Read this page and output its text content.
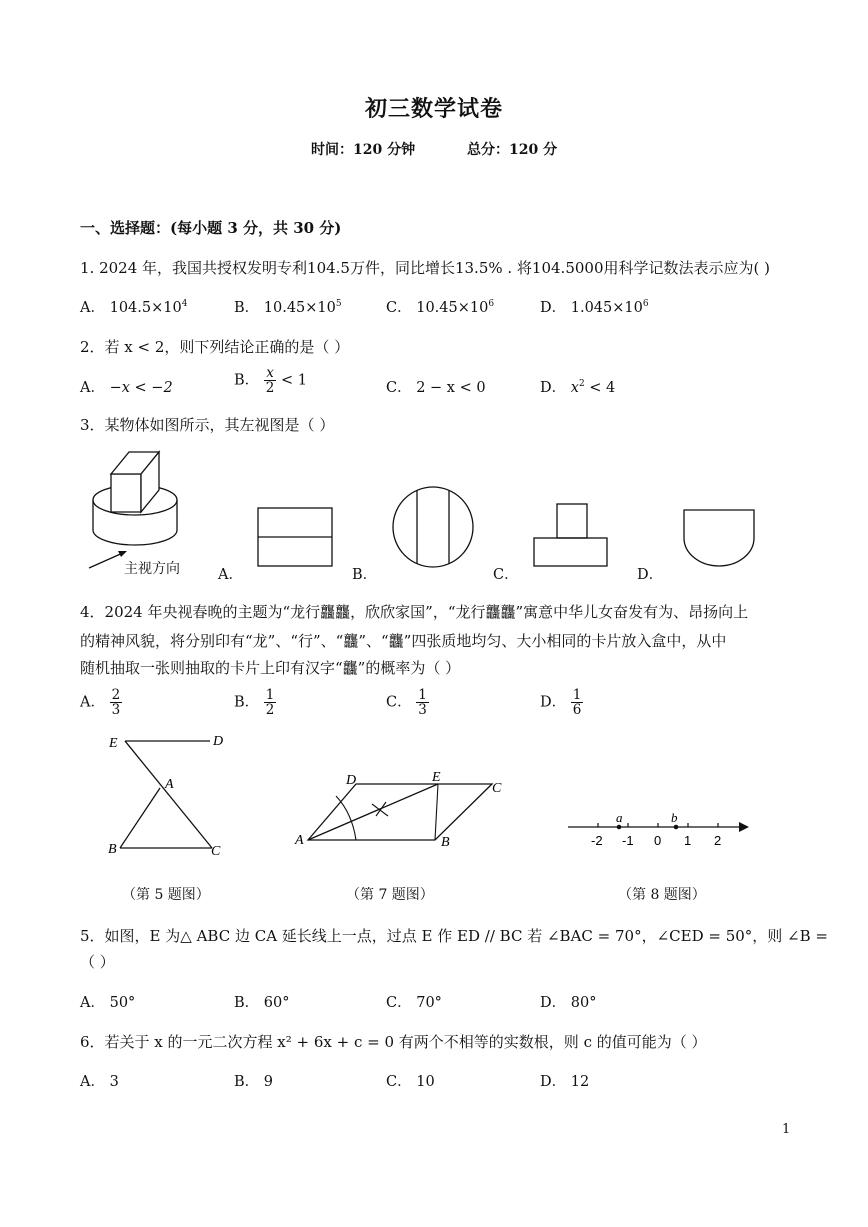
初三数学试卷
时间：120 分钟	总分：120 分
一、选择题：(每小题 3 分，共 30 分)
1. 2024 年，我国共授权发明专利104.5万件，同比增长13.5% . 将104.5000用科学记数法表示应为( )
A． $104.5\times 10^4$	B． $10.45\times 10^5$	C． $10.45\times 10^6$	D． $1.045\times 10^6$
2．若 x < 2，则下列结论正确的是（ ）
A． −x < −2	B． $\frac{x}{2} < 1$	C． 2 − x < 0	D． $x^2 < 4$
3．某物体如图所示，其左视图是（ ）
主视方向	A．	B．	C．	D．
4．2024 年央视春晚的主题为“龙行龘龘，欣欣家国”，“龙行龘龘”寓意中华儿女奋发有为、昂扬向上
的精神风貌，将分别印有“龙”、“行”、“龘”、“龘”四张质地均匀、大小相同的卡片放入盒中，从中
随机抽取一张则抽取的卡片上印有汉字“龘”的概率为（ ）
A． $\frac{2}{3}$	B． $\frac{1}{2}$	C． $\frac{1}{3}$	D． $\frac{1}{6}$
E	D
A
B	C
（第 5 题图）
D	E
C
A	B
（第 7 题图）
a	b
-2 -1 0 1 2
（第 8 题图）
5．如图，E 为△ ABC 边 CA 延长线上一点，过点 E 作 ED // BC 若 ∠BAC = 70°，∠CED = 50°，则 ∠B =
（ ）
A． 50°	B． 60°	C． 70°	D． 80°
6．若关于 x 的一元二次方程 x² + 6x + c = 0 有两个不相等的实数根，则 c 的值可能为（ ）
A． 3	B． 9	C． 10	D． 12
1
